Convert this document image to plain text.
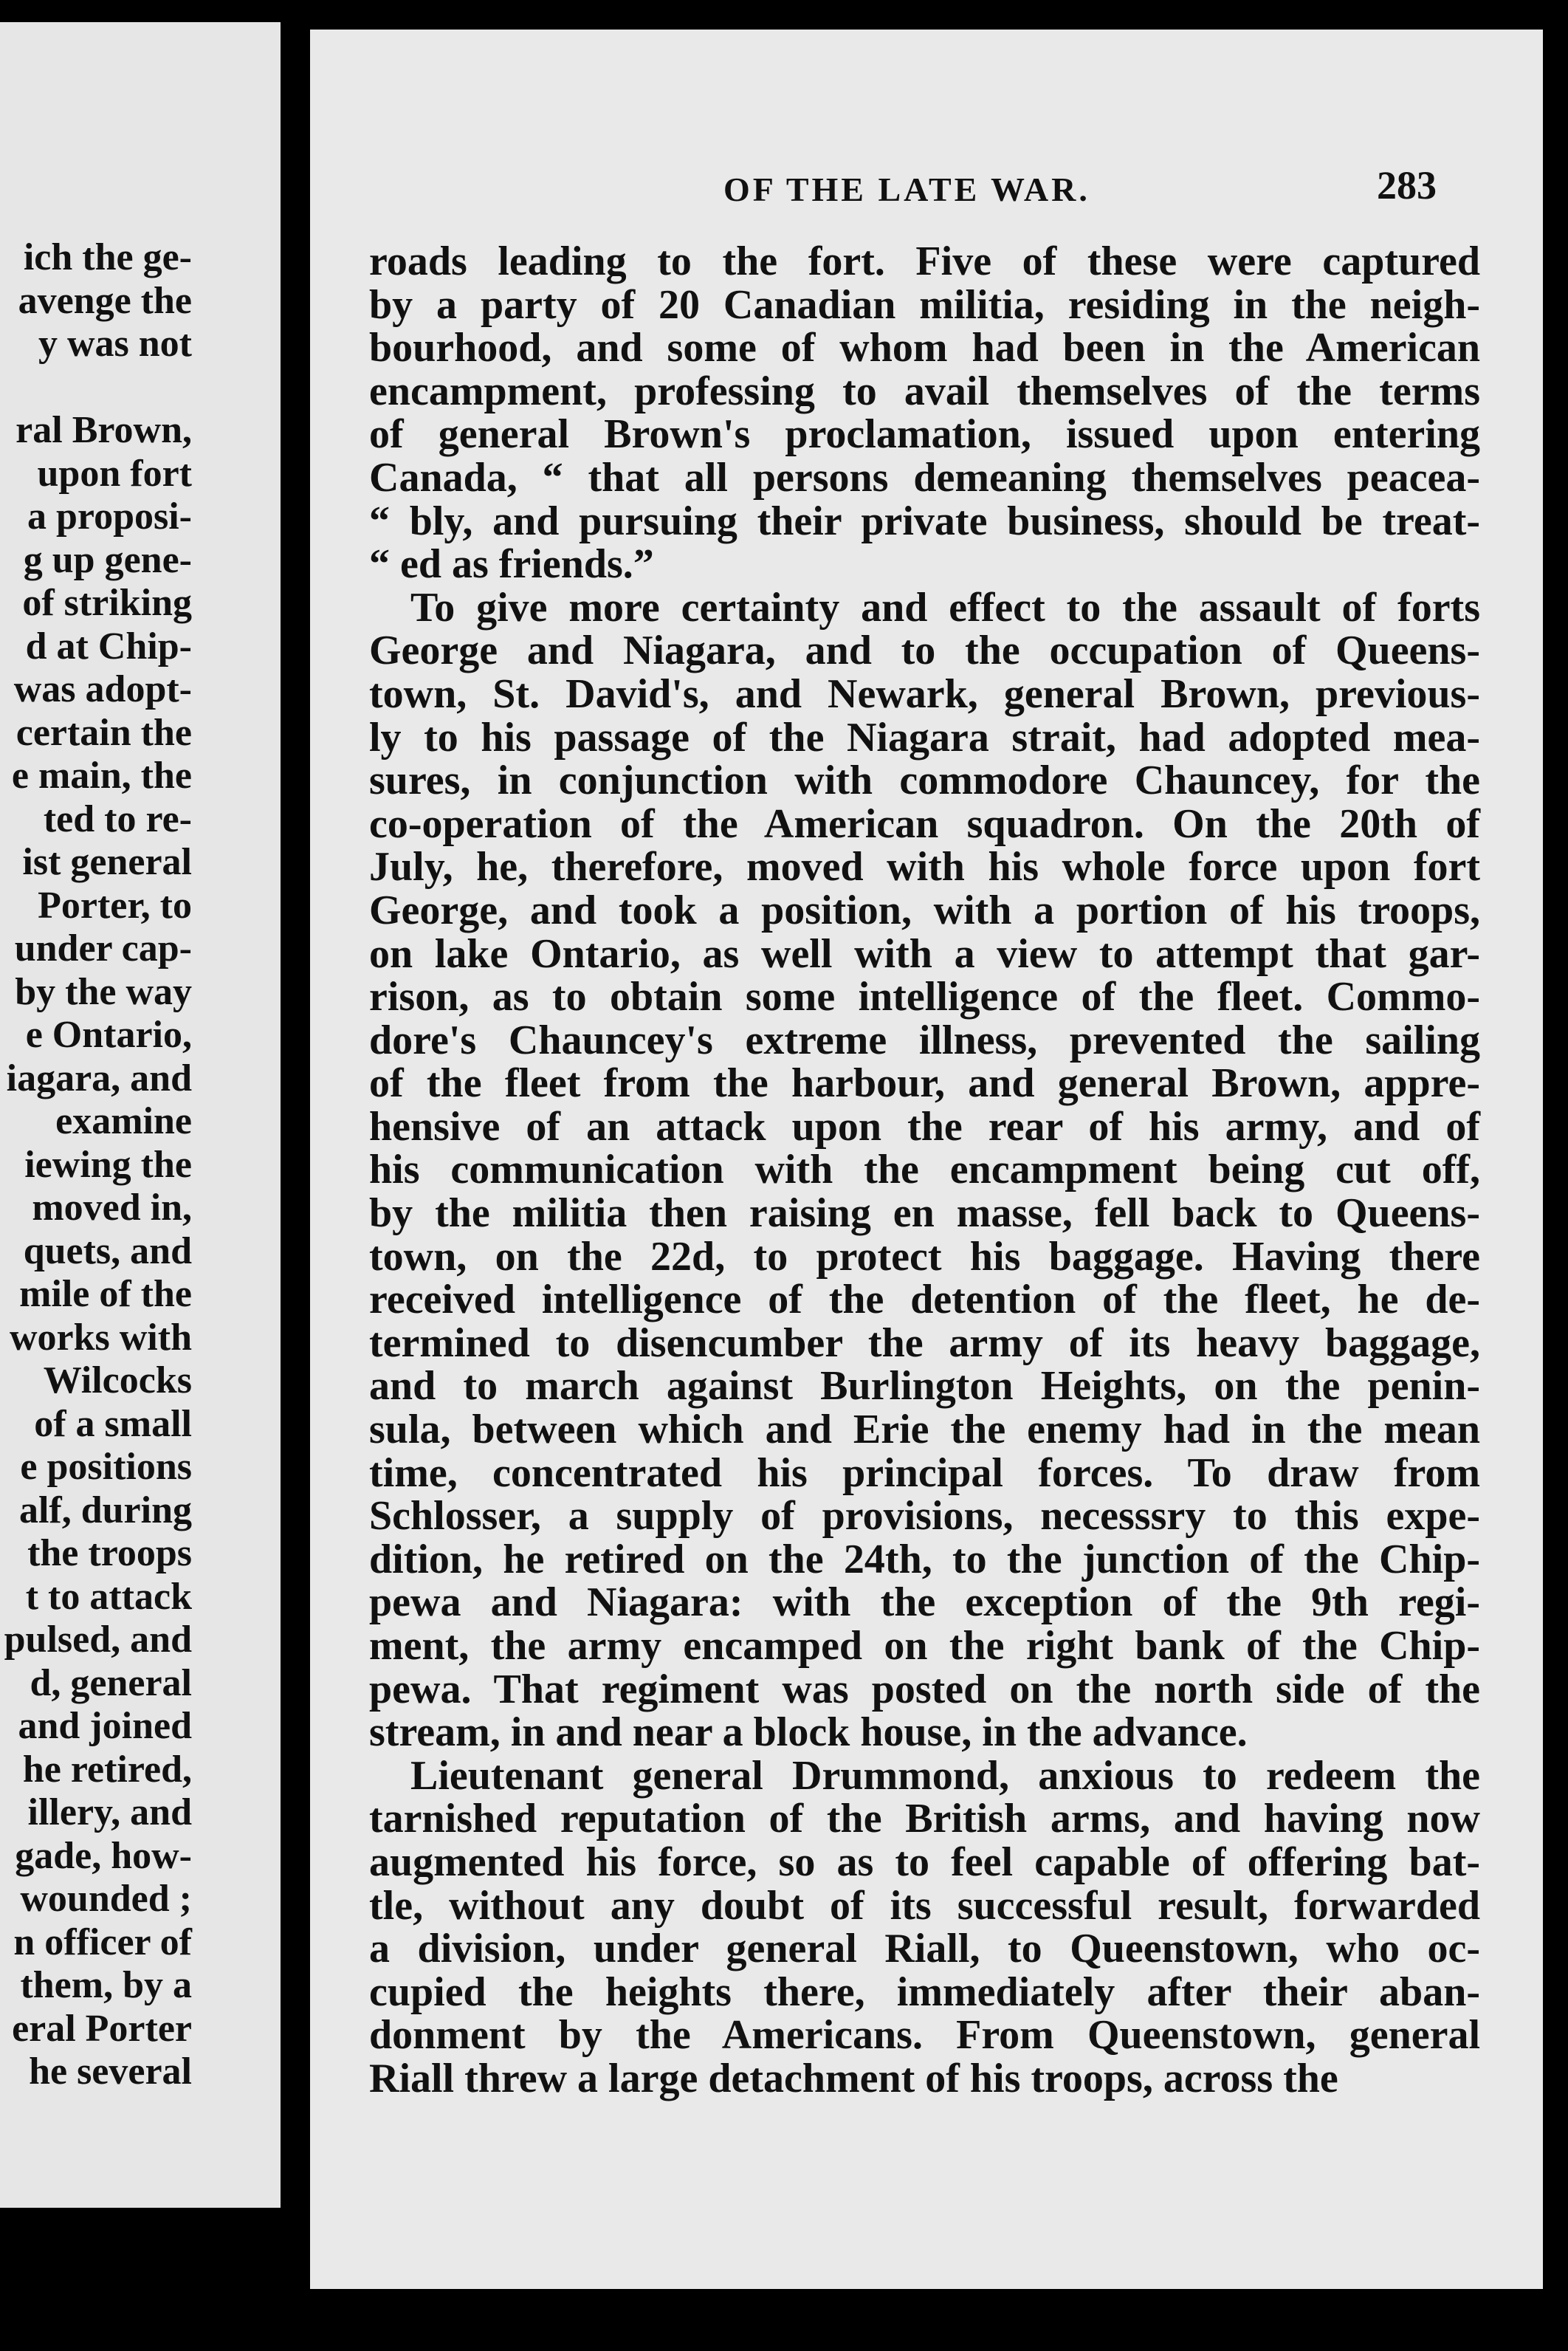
ich the ge-
avenge the
y was not
ral Brown,
upon fort
a proposi-
g up gene-
of striking
d at Chip-
was adopt-
certain the
e main, the
ted to re-
ist general
Porter, to
under cap-
by the way
e Ontario,
iagara, and
examine
iewing the
moved in,
quets, and
mile of the
works with
Wilcocks
of a small
e positions
alf, during
the troops
t to attack
pulsed, and
d, general
and joined
he retired,
illery, and
gade, how-
wounded ;
n officer of
them, by a
eral Porter
he several
OF THE LATE WAR.	283
roads leading to the fort. Five of these were captured
by a party of 20 Canadian militia, residing in the neigh-
bourhood, and some of whom had been in the American
encampment, professing to avail themselves of the terms
of general Brown's proclamation, issued upon entering
Canada, “ that all persons demeaning themselves peacea-
“ bly, and pursuing their private business, should be treat-
“ ed as friends.”
To give more certainty and effect to the assault of forts
George and Niagara, and to the occupation of Queens-
town, St. David's, and Newark, general Brown, previous-
ly to his passage of the Niagara strait, had adopted mea-
sures, in conjunction with commodore Chauncey, for the
co-operation of the American squadron. On the 20th of
July, he, therefore, moved with his whole force upon fort
George, and took a position, with a portion of his troops,
on lake Ontario, as well with a view to attempt that gar-
rison, as to obtain some intelligence of the fleet. Commo-
dore's Chauncey's extreme illness, prevented the sailing
of the fleet from the harbour, and general Brown, appre-
hensive of an attack upon the rear of his army, and of
his communication with the encampment being cut off,
by the militia then raising en masse, fell back to Queens-
town, on the 22d, to protect his baggage. Having there
received intelligence of the detention of the fleet, he de-
termined to disencumber the army of its heavy baggage,
and to march against Burlington Heights, on the penin-
sula, between which and Erie the enemy had in the mean
time, concentrated his principal forces. To draw from
Schlosser, a supply of provisions, necesssry to this expe-
dition, he retired on the 24th, to the junction of the Chip-
pewa and Niagara: with the exception of the 9th regi-
ment, the army encamped on the right bank of the Chip-
pewa. That regiment was posted on the north side of the
stream, in and near a block house, in the advance.
Lieutenant general Drummond, anxious to redeem the
tarnished reputation of the British arms, and having now
augmented his force, so as to feel capable of offering bat-
tle, without any doubt of its successful result, forwarded
a division, under general Riall, to Queenstown, who oc-
cupied the heights there, immediately after their aban-
donment by the Americans. From Queenstown, general
Riall threw a large detachment of his troops, across the
